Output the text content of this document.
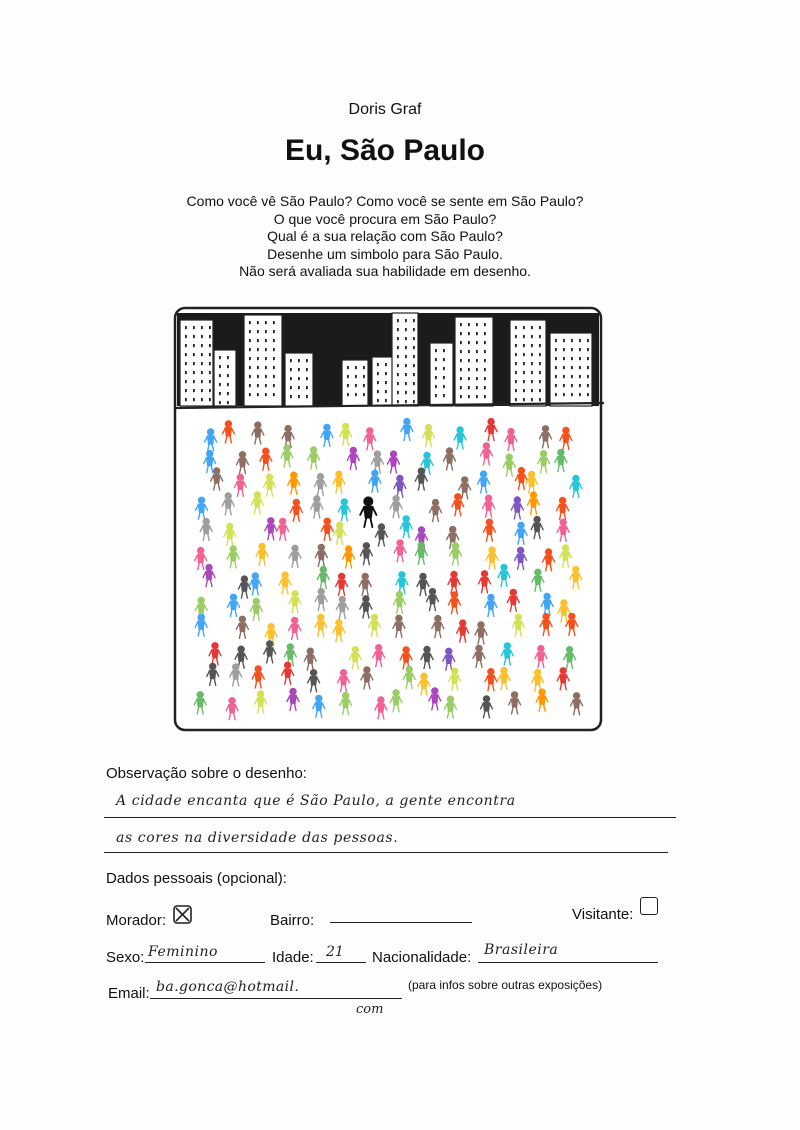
Doris Graf
Eu, São Paulo
Como você vê São Paulo? Como você se sente em São Paulo?
O que você procura em São Paulo?
Qual é a sua relação com São Paulo?
Desenhe um simbolo para São Paulo.
Não será avaliada sua habilidade em desenho.
Observação sobre o desenho:
A cidade encanta que é São Paulo, a gente encontra
as cores na diversidade das pessoas.
Dados pessoais (opcional):
Morador:	Bairro:	Visitante:
Sexo: Feminino	Idade: 21 Nacionalidade: Brasileira
Email: ba.gonca@hotmail.
com
(para infos sobre outras exposições)
